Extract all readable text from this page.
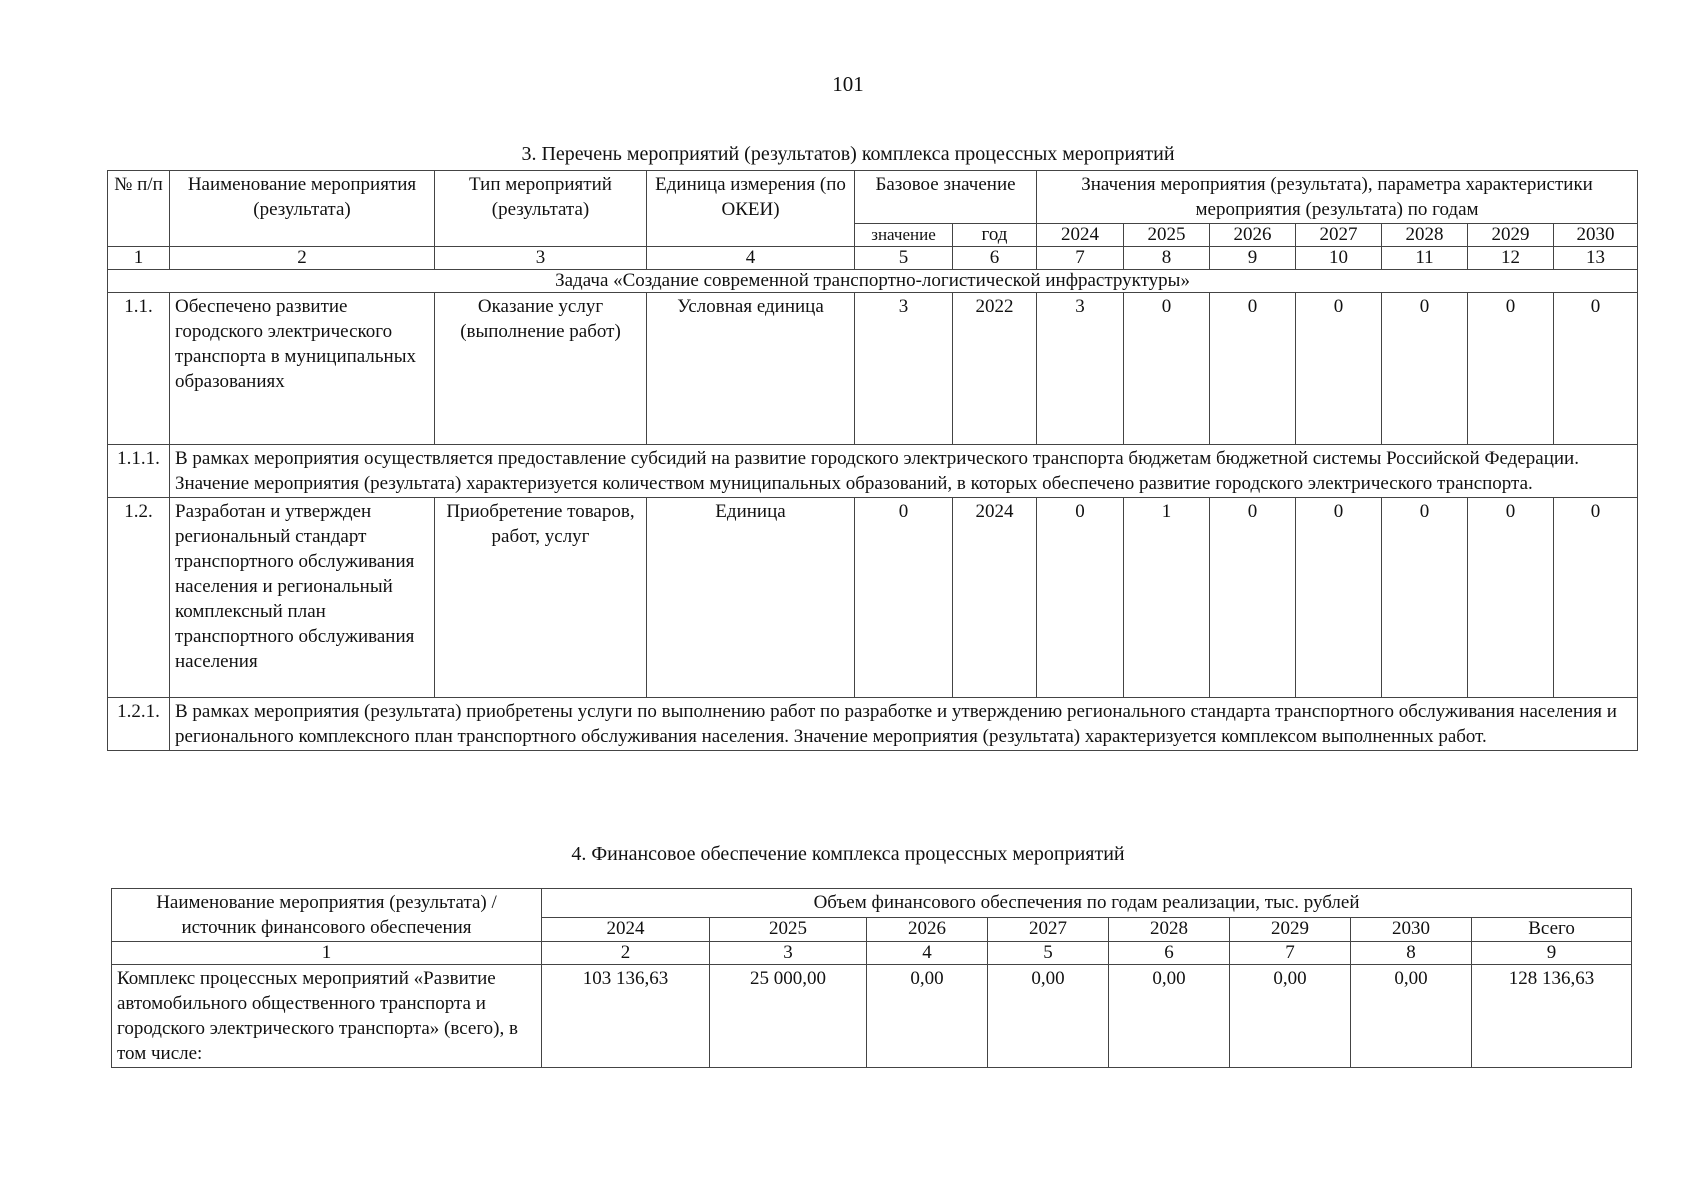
101
3. Перечень мероприятий (результатов) комплекса процессных мероприятий
№ п/п	Наименование мероприятия (результата)	Тип мероприятий (результата)	Единица измерения (по ОКЕИ)	Базовое значение		Значения мероприятия (результата), параметра характеристики мероприятия (результата) по годам						
				значение	год	2024	2025	2026	2027	2028	2029	2030
1	2	3	4	5	6	7	8	9	10	11	12	13
Задача «Создание современной транспортно-логистической инфраструктуры»												
1.1.	Обеспечено развитие городского электрического транспорта в муниципальных образованиях	Оказание услуг (выполнение работ)	Условная единица	3	2022	3	0	0	0	0	0	0
1.1.1.	В рамках мероприятия осуществляется предоставление субсидий на развитие городского электрического транспорта бюджетам бюджетной системы Российской Федерации. Значение мероприятия (результата) характеризуется количеством муниципальных образований, в которых обеспечено развитие городского электрического транспорта.											
1.2.	Разработан и утвержден региональный стандарт транспортного обслуживания населения и региональный комплексный план транспортного обслуживания населения	Приобретение товаров, работ, услуг	Единица	0	2024	0	1	0	0	0	0	0
1.2.1.	В рамках мероприятия (результата) приобретены услуги по выполнению работ по разработке и утверждению регионального стандарта транспортного обслуживания населения и регионального комплексного план транспортного обслуживания населения. Значение мероприятия (результата) характеризуется комплексом выполненных работ.											
4. Финансовое обеспечение комплекса процессных мероприятий
Наименование мероприятия (результата) / источник финансового обеспечения	Объем финансового обеспечения по годам реализации, тыс. рублей							
	2024	2025	2026	2027	2028	2029	2030	Всего
1	2	3	4	5	6	7	8	9
Комплекс процессных мероприятий «Развитие автомобильного общественного транспорта и городского электрического транспорта» (всего), в том числе:	103 136,63	25 000,00	0,00	0,00	0,00	0,00	0,00	128 136,63
